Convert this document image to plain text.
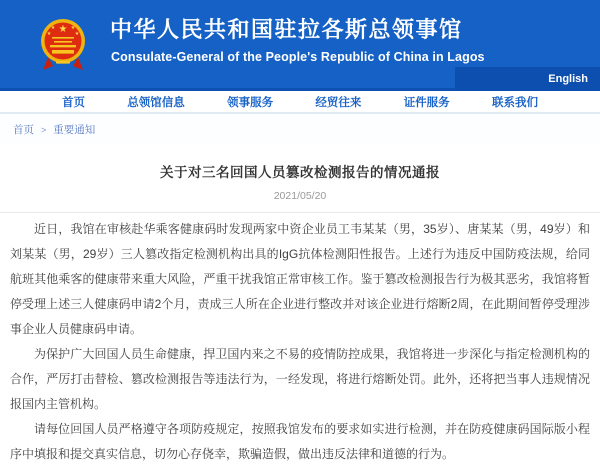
★
★	★
★	★ 中华人民共和国驻拉各斯总领事馆
Consulate-General of the People's Republic of China in Lagos
English
首页	总领馆信息	领事服务	经贸往来	证件服务	联系我们
首页 > 重要通知
关于对三名回国人员篡改检测报告的情况通报
2021/05/20

近日，我馆在审核赴华乘客健康码时发现两家中资企业员工韦某某（男，35岁）、唐某某（男，49岁）和刘某某（男，29岁）三人篡改指定检测机构出具的IgG抗体检测阳性报告。上述行为违反中国防疫法规，给同航班其他乘客的健康带来重大风险，严重干扰我馆正常审核工作。鉴于篡改检测报告行为极其恶劣，我馆将暂停受理上述三人健康码申请2个月，责成三人所在企业进行整改并对该企业进行熔断2周，在此期间暂停受理涉事企业人员健康码申请。

为保护广大回国人员生命健康，捍卫国内来之不易的疫情防控成果，我馆将进一步深化与指定检测机构的合作，严厉打击替检、篡改检测报告等违法行为，一经发现，将进行熔断处罚。此外，还将把当事人违规情况报国内主管机构。

请每位回国人员严格遵守各项防疫规定，按照我馆发布的要求如实进行检测，并在防疫健康码国际版小程序中填报和提交真实信息，切勿心存侥幸，欺骗造假，做出违反法律和道德的行为。
